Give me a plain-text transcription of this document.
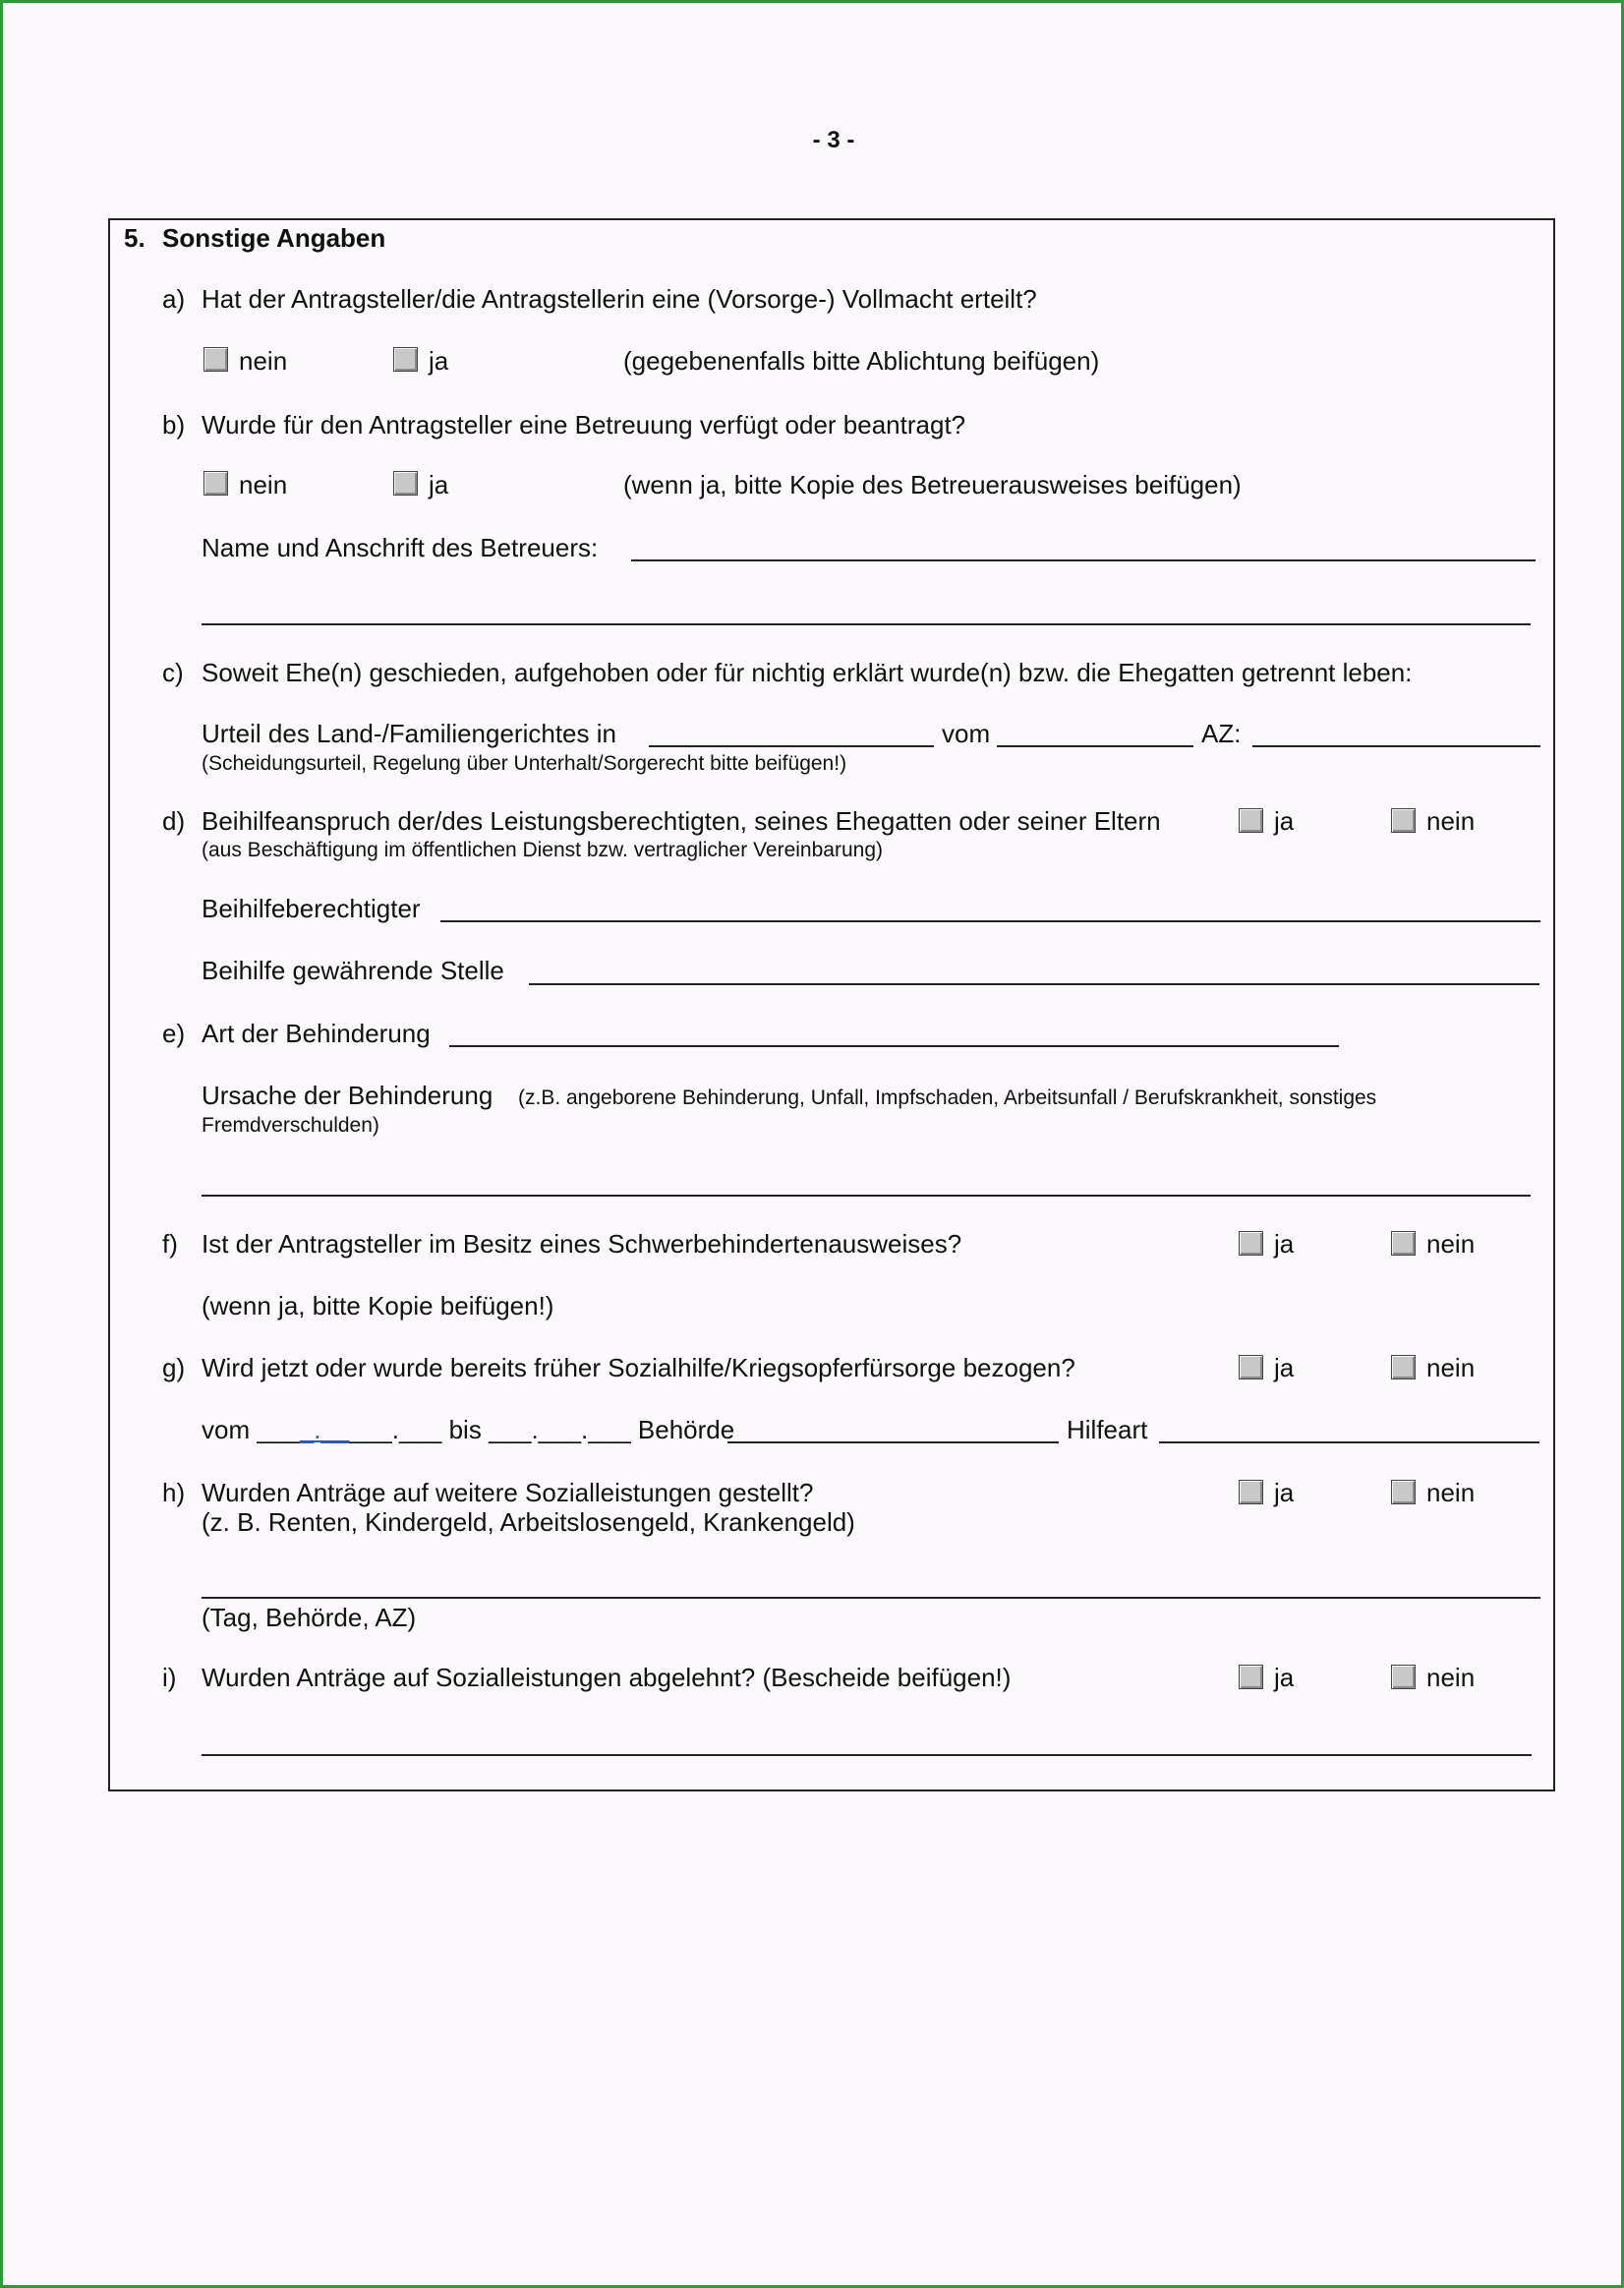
- 3 -
5. Sonstige Angaben
a) Hat der Antragsteller/die Antragstellerin eine (Vorsorge-) Vollmacht erteilt?
nein	ja	(gegebenenfalls bitte Ablichtung beifügen)
b) Wurde für den Antragsteller eine Betreuung verfügt oder beantragt?
nein	ja	(wenn ja, bitte Kopie des Betreuerausweises beifügen)
Name und Anschrift des Betreuers:
c) Soweit Ehe(n) geschieden, aufgehoben oder für nichtig erklärt wurde(n) bzw. die Ehegatten getrennt leben:
Urteil des Land-/Familiengerichtes in	vom	AZ:
(Scheidungsurteil, Regelung über Unterhalt/Sorgerecht bitte beifügen!)
d) Beihilfeanspruch der/des Leistungsberechtigten, seines Ehegatten oder seiner Eltern
(aus Beschäftigung im öffentlichen Dienst bzw. vertraglicher Vereinbarung)
ja	nein
Beihilfeberechtigter
Beihilfe gewährende Stelle
e) Art der Behinderung
Ursache der Behinderung (z.B. angeborene Behinderung, Unfall, Impfschaden, Arbeitsunfall / Berufskrankheit, sonstiges
Fremdverschulden)
f) Ist der Antragsteller im Besitz eines Schwerbehindertenausweises?	ja	nein
(wenn ja, bitte Kopie beifügen!)
g) Wird jetzt oder wurde bereits früher Sozialhilfe/Kriegsopferfürsorge bezogen?	ja	nein
vom ____._____.___ bis ___.___.___ Behörde	Hilfeart
h) Wurden Anträge auf weitere Sozialleistungen gestellt?
(z. B. Renten, Kindergeld, Arbeitslosengeld, Krankengeld)
ja	nein
(Tag, Behörde, AZ)
i) Wurden Anträge auf Sozialleistungen abgelehnt? (Bescheide beifügen!)	ja	nein
